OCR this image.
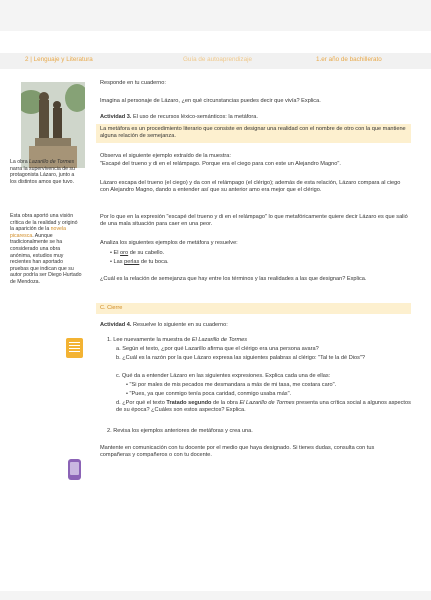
2 | Lenguaje y Literatura	Guía de autoaprendizaje	1.er año de bachillerato
La obra Lazarillo de Tormes narra la supervivencia de su protagonista Lázaro, junto a los distintos amos que tuvo.
Esta obra aportó una visión crítica de la realidad y originó la aparición de la novela picaresca. Aunque tradicionalmente se ha considerado una obra anónima, estudios muy recientes han aportado pruebas que indican que su autor podría ser Diego Hurtado de Mendoza.
Responde en tu cuaderno:
Imagina al personaje de Lázaro, ¿en qué circunstancias puedes decir que vivía? Explica.
Actividad 3. El uso de recursos léxico-semánticos: la metáfora.
La metáfora es un procedimiento literario que consiste en designar una realidad con el nombre de otro con la que mantiene alguna relación de semejanza.
Observa el siguiente ejemplo extraído de la muestra:
"Escapé del trueno y di en el relámpago. Porque era el ciego para con este un Alejandro Magno".
Lázaro escapa del trueno (el ciego) y da con el relámpago (el clérigo); además de esta relación, Lázaro compara al ciego con Alejandro Magno, dando a entender así que su anterior amo era mejor que el clérigo.
Por lo que en la expresión "escapé del trueno y di en el relámpago" lo que metafóricamente quiere decir Lázaro es que salió de una mala situación para caer en una peor.
Analiza los siguientes ejemplos de metáfora y resuelve:
• El oro de su cabello.
• Las perlas de tu boca.
¿Cuál es la relación de semejanza que hay entre los términos y las realidades a las que designan? Explica.
C. Cierre
Actividad 4. Resuelve lo siguiente en su cuaderno:
1. Lee nuevamente la muestra de El Lazarillo de Tormes
a. Según el texto, ¿por qué Lazarillo afirma que el clérigo era una persona avara?
b. ¿Cuál es la razón por la que Lázaro expresa las siguientes palabras al clérigo: "Tal te la dé Dios"?
c. Qué da a entender Lázaro en las siguientes expresiones. Explica cada una de ellas:
• "Si por males de mis pecados me desmandara a más de mi tasa, me costara caro".
• "Pues, ya que conmigo tenía poca caridad, conmigo usaba más".
d. ¿Por qué el texto Tratado segundo de la obra El Lazarillo de Tormes presenta una crítica social a algunos aspectos de su época? ¿Cuáles son estos aspectos? Explica.
2. Revisa los ejemplos anteriores de metáforas y crea una.
Mantente en comunicación con tu docente por el medio que haya designado. Si tienes dudas, consulta con tus compañeras y compañeros o con tu docente.
